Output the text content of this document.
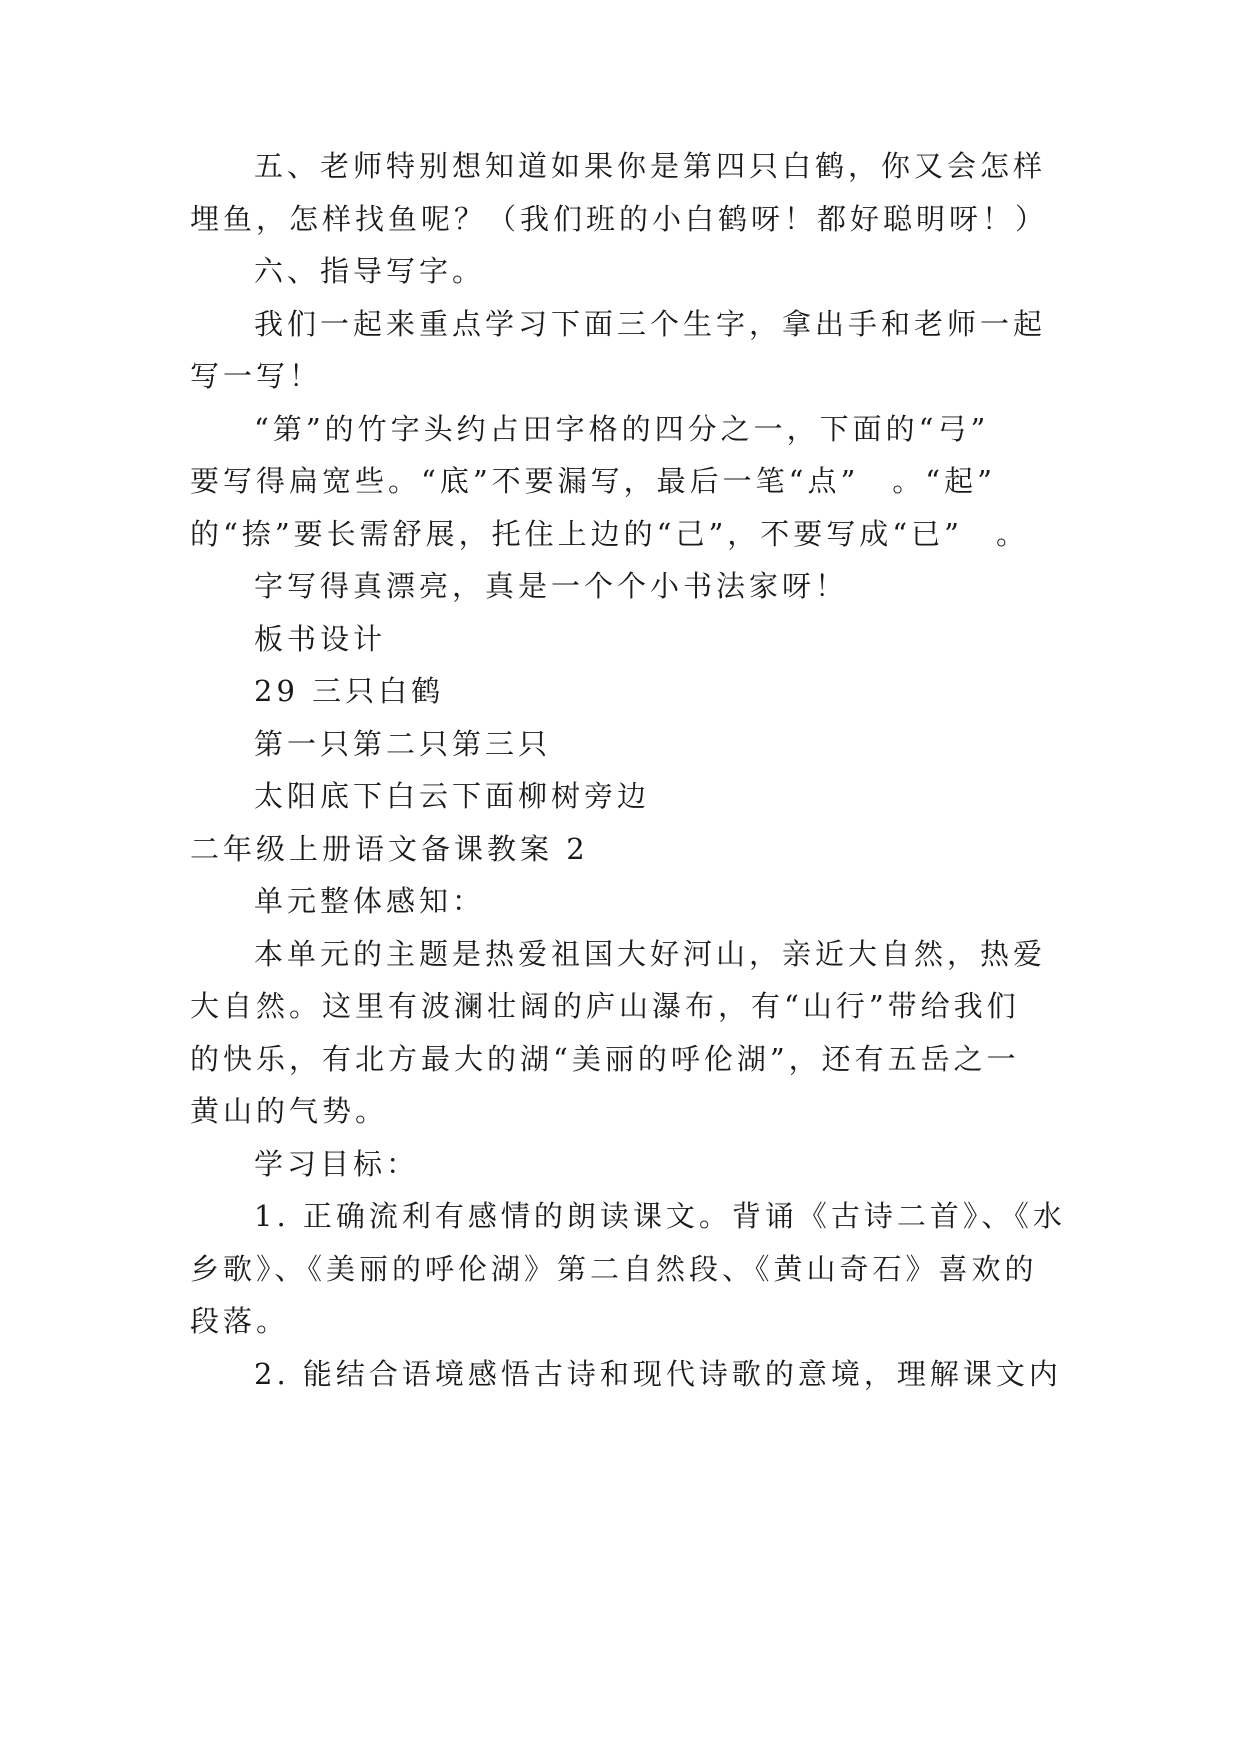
五、老师特别想知道如果你是第四只白鹤，你又会怎样
埋鱼，怎样找鱼呢？（我们班的小白鹤呀！都好聪明呀！）
六、指导写字。
我们一起来重点学习下面三个生字，拿出手和老师一起
写一写！
“第”的竹字头约占田字格的四分之一，下面的“弓”
要写得扁宽些。“底”不要漏写，最后一笔“点”　。“起”
的“捺”要长需舒展，托住上边的“己”，不要写成“已”　。
字写得真漂亮，真是一个个小书法家呀！
板书设计
29 三只白鹤
第一只第二只第三只
太阳底下白云下面柳树旁边
二年级上册语文备课教案 2
单元整体感知：
本单元的主题是热爱祖国大好河山，亲近大自然，热爱
大自然。这里有波澜壮阔的庐山瀑布，有“山行”带给我们
的快乐，有北方最大的湖“美丽的呼伦湖”，还有五岳之一
黄山的气势。
学习目标：
1. 正确流利有感情的朗读课文。背诵《古诗二首》、《水
乡歌》、《美丽的呼伦湖》第二自然段、《黄山奇石》喜欢的
段落。
2. 能结合语境感悟古诗和现代诗歌的意境，理解课文内
